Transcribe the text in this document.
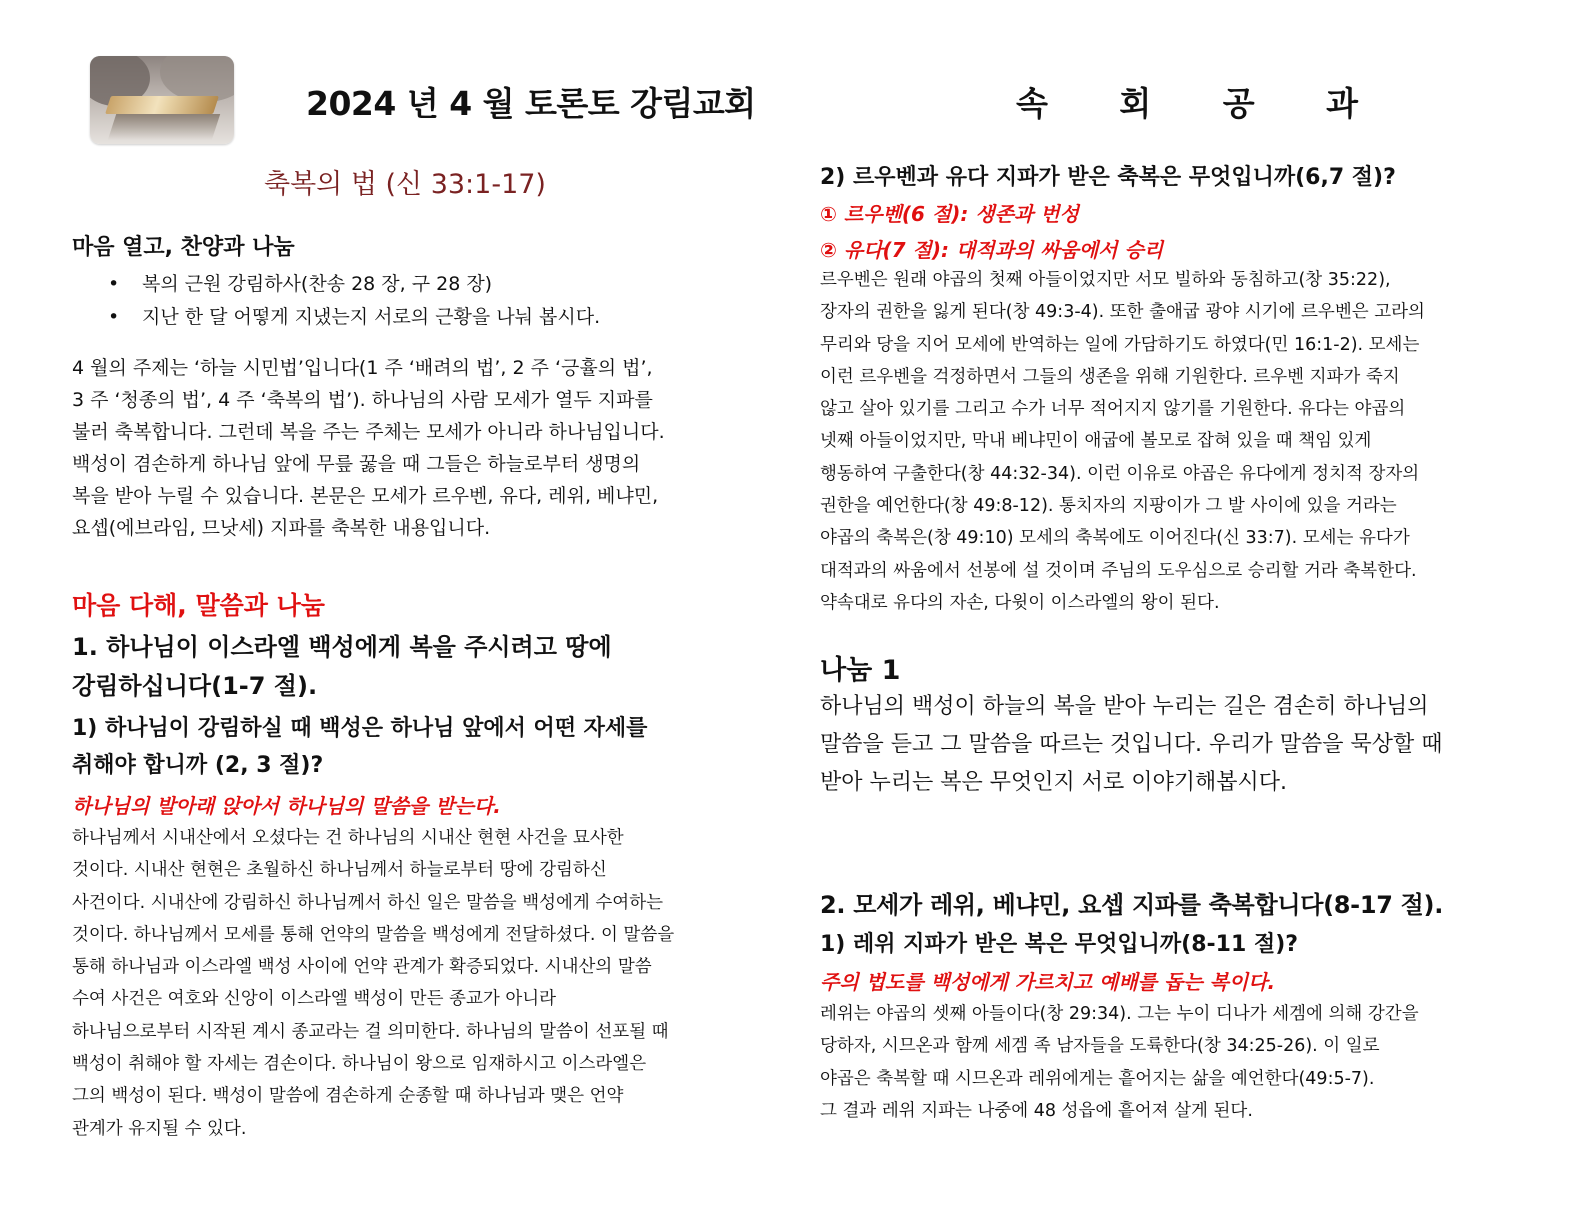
2024 년 4 월 토론토 강림교회	속 회 공 과
축복의 법 (신 33:1-17)
마음 열고, 찬양과 나눔
• 복의 근원 강림하사(찬송 28 장, 구 28 장)
• 지난 한 달 어떻게 지냈는지 서로의 근황을 나눠 봅시다.
4 월의 주제는 ‘하늘 시민법’입니다(1 주 ‘배려의 법’, 2 주 ‘긍휼의 법’,
3 주 ‘청종의 법’, 4 주 ‘축복의 법’). 하나님의 사람 모세가 열두 지파를
불러 축복합니다. 그런데 복을 주는 주체는 모세가 아니라 하나님입니다.
백성이 겸손하게 하나님 앞에 무릎 꿇을 때 그들은 하늘로부터 생명의
복을 받아 누릴 수 있습니다. 본문은 모세가 르우벤, 유다, 레위, 베냐민,
요셉(에브라임, 므낫세) 지파를 축복한 내용입니다.
마음 다해, 말씀과 나눔
1. 하나님이 이스라엘 백성에게 복을 주시려고 땅에
강림하십니다(1-7 절).
1) 하나님이 강림하실 때 백성은 하나님 앞에서 어떤 자세를
취해야 합니까 (2, 3 절)?
하나님의 발아래 앉아서 하나님의 말씀을 받는다.
하나님께서 시내산에서 오셨다는 건 하나님의 시내산 현현 사건을 묘사한
것이다. 시내산 현현은 초월하신 하나님께서 하늘로부터 땅에 강림하신
사건이다. 시내산에 강림하신 하나님께서 하신 일은 말씀을 백성에게 수여하는
것이다. 하나님께서 모세를 통해 언약의 말씀을 백성에게 전달하셨다. 이 말씀을
통해 하나님과 이스라엘 백성 사이에 언약 관계가 확증되었다. 시내산의 말씀
수여 사건은 여호와 신앙이 이스라엘 백성이 만든 종교가 아니라
하나님으로부터 시작된 계시 종교라는 걸 의미한다. 하나님의 말씀이 선포될 때
백성이 취해야 할 자세는 겸손이다. 하나님이 왕으로 임재하시고 이스라엘은
그의 백성이 된다. 백성이 말씀에 겸손하게 순종할 때 하나님과 맺은 언약
관계가 유지될 수 있다.
2) 르우벤과 유다 지파가 받은 축복은 무엇입니까(6,7 절)?
① 르우벤(6 절): 생존과 번성
② 유다(7 절): 대적과의 싸움에서 승리
르우벤은 원래 야곱의 첫째 아들이었지만 서모 빌하와 동침하고(창 35:22),
장자의 권한을 잃게 된다(창 49:3-4). 또한 출애굽 광야 시기에 르우벤은 고라의
무리와 당을 지어 모세에 반역하는 일에 가담하기도 하였다(민 16:1-2). 모세는
이런 르우벤을 걱정하면서 그들의 생존을 위해 기원한다. 르우벤 지파가 죽지
않고 살아 있기를 그리고 수가 너무 적어지지 않기를 기원한다. 유다는 야곱의
넷째 아들이었지만, 막내 베냐민이 애굽에 볼모로 잡혀 있을 때 책임 있게
행동하여 구출한다(창 44:32-34). 이런 이유로 야곱은 유다에게 정치적 장자의
권한을 예언한다(창 49:8-12). 통치자의 지팡이가 그 발 사이에 있을 거라는
야곱의 축복은(창 49:10) 모세의 축복에도 이어진다(신 33:7). 모세는 유다가
대적과의 싸움에서 선봉에 설 것이며 주님의 도우심으로 승리할 거라 축복한다.
약속대로 유다의 자손, 다윗이 이스라엘의 왕이 된다.
나눔 1
하나님의 백성이 하늘의 복을 받아 누리는 길은 겸손히 하나님의
말씀을 듣고 그 말씀을 따르는 것입니다. 우리가 말씀을 묵상할 때
받아 누리는 복은 무엇인지 서로 이야기해봅시다.
2. 모세가 레위, 베냐민, 요셉 지파를 축복합니다(8-17 절).
1) 레위 지파가 받은 복은 무엇입니까(8-11 절)?
주의 법도를 백성에게 가르치고 예배를 돕는 복이다.
레위는 야곱의 셋째 아들이다(창 29:34). 그는 누이 디나가 세겜에 의해 강간을
당하자, 시므온과 함께 세겜 족 남자들을 도륙한다(창 34:25-26). 이 일로
야곱은 축복할 때 시므온과 레위에게는 흩어지는 삶을 예언한다(49:5-7).
그 결과 레위 지파는 나중에 48 성읍에 흩어져 살게 된다.
